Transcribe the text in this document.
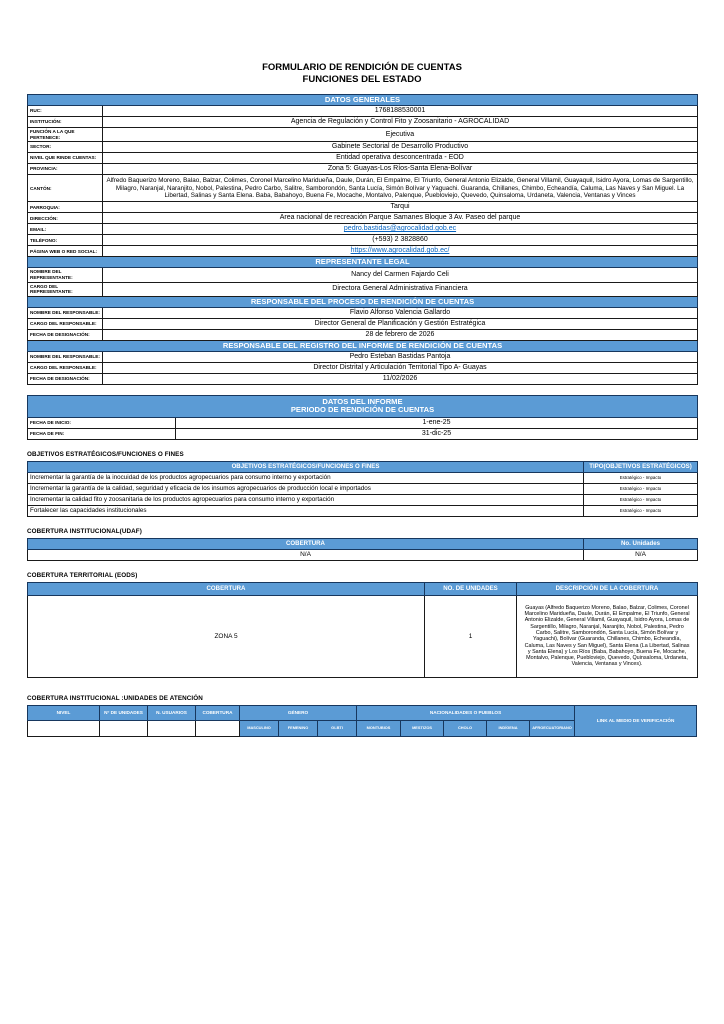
FORMULARIO DE RENDICIÓN DE CUENTAS
FUNCIONES DEL ESTADO
DATOS GENERALES	
RUC:	1768188530001
INSTITUCIÓN:	Agencia de Regulación y Control Fito y Zoosanitario - AGROCALIDAD
FUNCIÓN A LA QUE PERTENECE:	Ejecutiva
SECTOR:	Gabinete Sectorial de Desarrollo Productivo
NIVEL QUE RINDE CUENTAS:	Entidad operativa desconcentrada - EOD
PROVINCIA:	Zona 5: Guayas-Los Ríos-Santa Elena-Bolívar
CANTÓN:	Alfredo Baquerizo Moreno, Balao, Balzar, Colimes, Coronel Marcelino Maridueña, Daule, Durán, El Empalme, El Triunfo, General Antonio Elizalde, General Villamil, Guayaquil, Isidro Ayora, Lomas de Sargentillo, Milagro, Naranjal, Naranjito, Nobol, Palestina, Pedro Carbo, Salitre, Samborondón, Santa Lucía, Simón Bolívar y Yaguachi. Guaranda, Chillanes, Chimbo, Echeandía, Caluma, Las Naves y San Miguel. La Libertad, Salinas y Santa Elena. Baba, Babahoyo, Buena Fe, Mocache, Montalvo, Palenque, Puebloviejo, Quevedo, Quinsaloma, Urdaneta, Valencia, Ventanas y Vinces
PARROQUIA:	Tarqui
DIRECCIÓN:	Area nacional de recreación Parque Samanes Bloque 3 Av. Paseo del parque
EMAIL:	pedro.bastidas@agrocalidad.gob.ec
TELÉFONO:	(+593) 2 3828860
PÁGINA WEB O RED SOCIAL:	https://www.agrocalidad.gob.ec/
REPRESENTANTE LEGAL	
NOMBRE DEL REPRESENTANTE:	Nancy del Carmen Fajardo Celi
CARGO DEL REPRESENTANTE:	Directora General Administrativa Financiera
RESPONSABLE DEL PROCESO DE RENDICIÓN DE CUENTAS	
NOMBRE DEL RESPONSABLE:	Flavio Alfonso Valencia Gallardo
CARGO DEL RESPONSABLE:	Director General de Planificación y Gestión Estratégica
FECHA DE DESIGNACIÓN:	28 de febrero de 2026
RESPONSABLE DEL REGISTRO DEL INFORME DE RENDICIÓN DE CUENTAS	
NOMBRE DEL RESPONSABLE:	Pedro Esteban Bastidas Pantoja
CARGO DEL RESPONSABLE:	Director Distrital y Articulación Territorial Tipo A- Guayas
FECHA DE DESIGNACIÓN:	11/02/2026
DATOS DEL INFORME
PERIODO DE RENDICIÓN DE CUENTAS	

FECHA DE INICIO:	1-ene-25
FECHA DE FIN:	31-dic-25
OBJETIVOS ESTRATÉGICOS/FUNCIONES O FINES
OBJETIVOS ESTRATÉGICOS/FUNCIONES O FINES	TIPO(OBJETIVOS ESTRATÉGICOS)
Incrementar la garantía de la inocuidad de los productos agropecuarios para consumo interno y exportación	Estratégico - Impacto
Incrementar la garantía de la calidad, seguridad y eficacia de los insumos agropecuarios de producción local e importados	Estratégico - Impacto
Incrementar la calidad fito y zoosanitaria de los productos agropecuarios para consumo interno y exportación	Estratégico - Impacto
Fortalecer las capacidades institucionales	Estratégico - Impacto
COBERTURA INSTITUCIONAL(UDAF)
COBERTURA	No. Unidades
N/A	N/A
COBERTURA TERRITORIAL (EODS)
COBERTURA	NO. DE UNIDADES	DESCRIPCIÓN DE LA COBERTURA
ZONA 5	1	Guayas (Alfredo Baquerizo Moreno, Balao, Balzar, Colimes, Coronel Marcelino Maridueña, Daule, Durán, El Empalme, El Triunfo, General Antonio Elizalde, General Villamil, Guayaquil, Isidro Ayora, Lomas de Sargentillo, Milagro, Naranjal, Naranjito, Nobol, Palestina, Pedro Carbo, Salitre, Samborondón, Santa Lucía, Simón Bolívar y Yaguachi), Bolívar (Guaranda, Chillanes, Chimbo, Echeandía, Caluma, Las Naves y San Miguel), Santa Elena (La Libertad, Salinas y Santa Elena) y Los Ríos (Baba, Babahoyo, Buena Fe, Mocache, Montalvo, Palenque, Puebloviejo, Quevedo, Quinsaloma, Urdaneta, Valencia, Ventanas y Vinces).
COBERTURA INSTITUCIONAL :UNIDADES DE ATENCIÓN
NIVEL	N° DE UNIDADES	N. USUARIOS	COBERTURA	GÉNERO			NACIONALIDADES O PUEBLOS					LINK AL MEDIO DE VERIFICACIÓN
				MASCULINO	FEMENINO	GLBTI	MONTUBIOS	MESTIZOS	CHOLO	INDÍGENA	AFROECUATORIANO	
